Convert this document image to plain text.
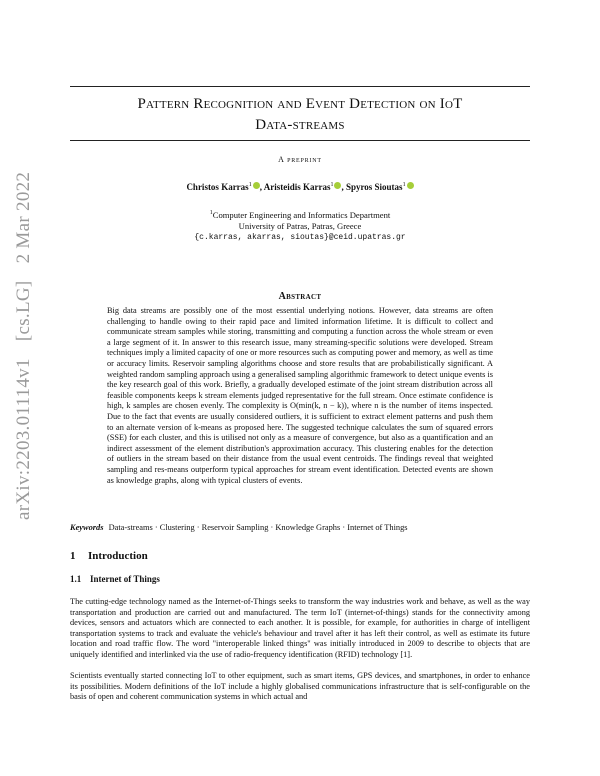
arXiv:2203.01114v1 [cs.LG] 2 Mar 2022
Pattern Recognition and Event Detection on IoT
Data-streams
A preprint
Christos Karras$^1$ , Aristeidis Karras$^1$ , Spyros Sioutas$^1$
$^1$Computer Engineering and Informatics Department
University of Patras, Patras, Greece
{c.karras, akarras, sioutas}@ceid.upatras.gr
Abstract

Big data streams are possibly one of the most essential underlying notions. However, data streams are often challenging to handle owing to their rapid pace and limited information lifetime. It is difficult to collect and communicate stream samples while storing, transmitting and computing a function across the whole stream or even a large segment of it. In answer to this research issue, many streaming-specific solutions were developed. Stream techniques imply a limited capacity of one or more resources such as computing power and memory, as well as time or accuracy limits. Reservoir sampling algorithms choose and store results that are probabilistically significant. A weighted random sampling approach using a generalised sampling algorithmic framework to detect unique events is the key research goal of this work. Briefly, a gradually developed estimate of the joint stream distribution across all feasible components keeps k stream elements judged representative for the full stream. Once estimate confidence is high, k samples are chosen evenly. The complexity is O(min(k, n − k)), where n is the number of items inspected. Due to the fact that events are usually considered outliers, it is sufficient to extract element patterns and push them to an alternate version of k-means as proposed here. The suggested technique calculates the sum of squared errors (SSE) for each cluster, and this is utilised not only as a measure of convergence, but also as a quantification and an indirect assessment of the element distribution's approximation accuracy. This clustering enables for the detection of outliers in the stream based on their distance from the usual event centroids. The findings reveal that weighted sampling and res-means outperform typical approaches for stream event identification. Detected events are shown as knowledge graphs, along with typical clusters of events.

Keywords Data-streams · Clustering · Reservoir Sampling · Knowledge Graphs · Internet of Things
1 Introduction
1.1 Internet of Things

The cutting-edge technology named as the Internet-of-Things seeks to transform the way industries work and behave, as well as the way transportation and production are carried out and manufactured. The term IoT (internet-of-things) stands for the connectivity among devices, sensors and actuators which are connected to each another. It is possible, for example, for authorities in charge of intelligent transportation systems to track and evaluate the vehicle's behaviour and travel after it has left their control, as well as estimate its future location and road traffic flow. The word "interoperable linked things" was initially introduced in 2009 to describe to objects that are uniquely identified and interlinked via the use of radio-frequency identification (RFID) technology [1].

Scientists eventually started connecting IoT to other equipment, such as smart items, GPS devices, and smartphones, in order to enhance its possibilities. Modern definitions of the IoT include a highly globalised communications infrastructure that is self-configurable on the basis of open and coherent communication systems in which actual and
